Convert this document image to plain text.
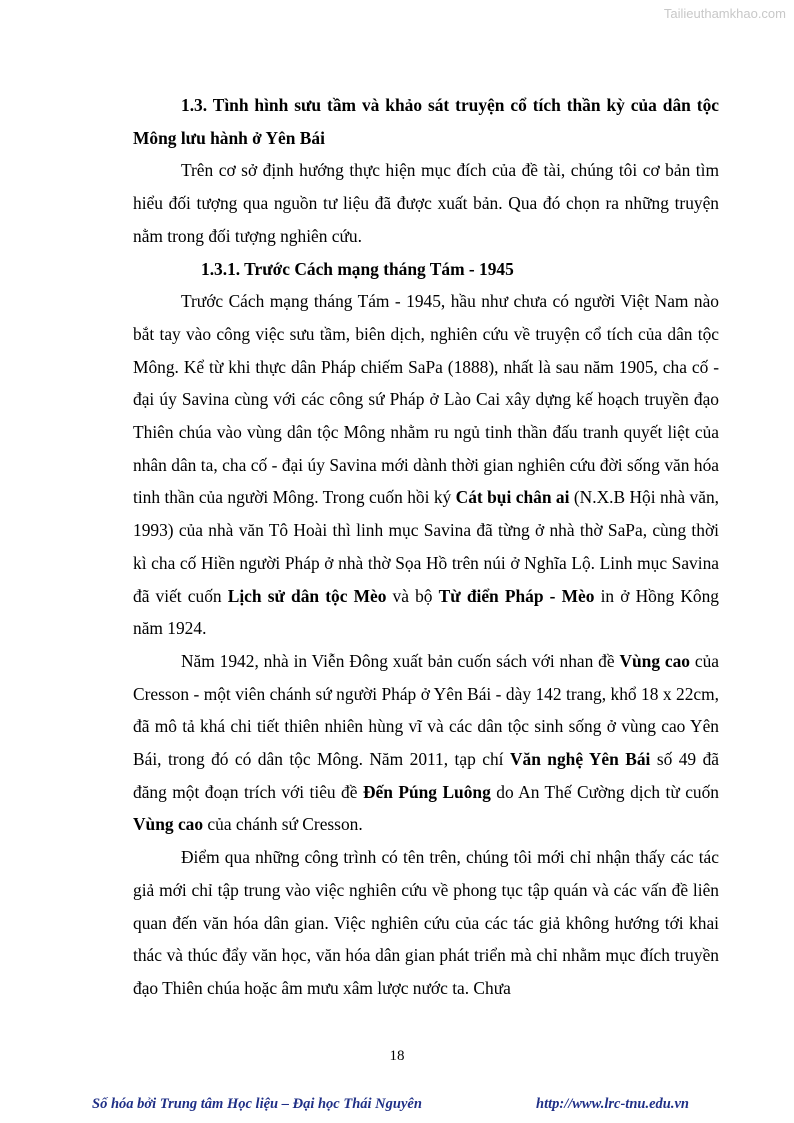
Tailieuthamkhao.com

1.3. Tình hình sưu tầm và khảo sát truyện cổ tích thần kỳ của dân tộc Mông lưu hành ở Yên Bái

Trên cơ sở định hướng thực hiện mục đích của đề tài, chúng tôi cơ bản tìm hiểu đối tượng qua nguồn tư liệu đã được xuất bản. Qua đó chọn ra những truyện nằm trong đối tượng nghiên cứu.

1.3.1. Trước Cách mạng tháng Tám - 1945

Trước Cách mạng tháng Tám - 1945, hầu như chưa có người Việt Nam nào bắt tay vào công việc sưu tầm, biên dịch, nghiên cứu về truyện cổ tích của dân tộc Mông. Kể từ khi thực dân Pháp chiếm SaPa (1888), nhất là sau năm 1905, cha cố - đại úy Savina cùng với các công sứ Pháp ở Lào Cai xây dựng kế hoạch truyền đạo Thiên chúa vào vùng dân tộc Mông nhằm ru ngủ tinh thần đấu tranh quyết liệt của nhân dân ta, cha cố - đại úy Savina mới dành thời gian nghiên cứu đời sống văn hóa tinh thần của người Mông. Trong cuốn hồi ký Cát bụi chân ai (N.X.B Hội nhà văn, 1993) của nhà văn Tô Hoài thì linh mục Savina đã từng ở nhà thờ SaPa, cùng thời kì cha cố Hiền người Pháp ở nhà thờ Sọa Hồ trên núi ở Nghĩa Lộ. Linh mục Savina đã viết cuốn Lịch sử dân tộc Mèo và bộ Từ điển Pháp - Mèo in ở Hồng Kông năm 1924.

Năm 1942, nhà in Viễn Đông xuất bản cuốn sách với nhan đề Vùng cao của Cresson - một viên chánh sứ người Pháp ở Yên Bái - dày 142 trang, khổ 18 x 22cm, đã mô tả khá chi tiết thiên nhiên hùng vĩ và các dân tộc sinh sống ở vùng cao Yên Bái, trong đó có dân tộc Mông. Năm 2011, tạp chí Văn nghệ Yên Bái số 49 đã đăng một đoạn trích với tiêu đề Đến Púng Luông do An Thế Cường dịch từ cuốn Vùng cao của chánh sứ Cresson.

Điểm qua những công trình có tên trên, chúng tôi mới chỉ nhận thấy các tác giả mới chỉ tập trung vào việc nghiên cứu về phong tục tập quán và các vấn đề liên quan đến văn hóa dân gian. Việc nghiên cứu của các tác giả không hướng tới khai thác và thúc đẩy văn học, văn hóa dân gian phát triển mà chỉ nhằm mục đích truyền đạo Thiên chúa hoặc âm mưu xâm lược nước ta. Chưa

18
Số hóa bởi Trung tâm Học liệu – Đại học Thái Nguyên	http://www.lrc-tnu.edu.vn
